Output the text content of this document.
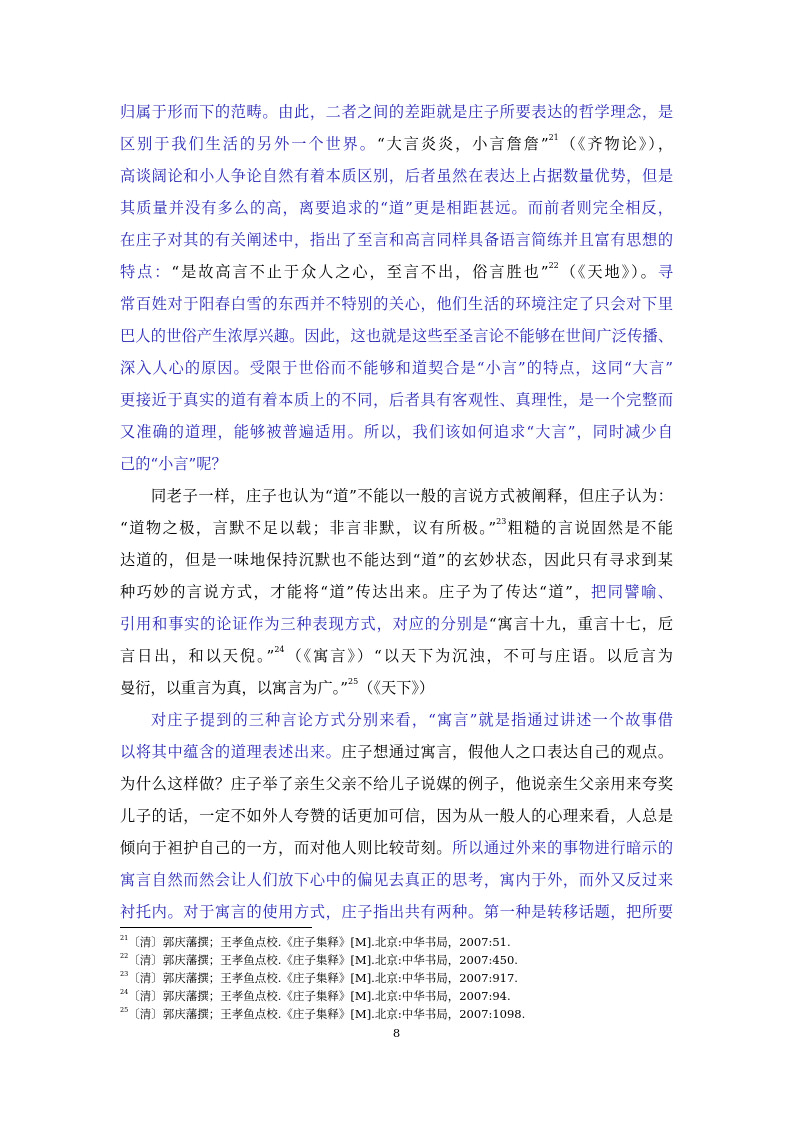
归属于形而下的范畴。由此，二者之间的差距就是庄子所要表达的哲学理念，是
区别于我们生活的另外一个世界。“大言炎炎，小言詹詹”$^{21}$（《齐物论》），
高谈阔论和小人争论自然有着本质区别，后者虽然在表达上占据数量优势，但是
其质量并没有多么的高，离要追求的“道”更是相距甚远。而前者则完全相反，
在庄子对其的有关阐述中，指出了至言和高言同样具备语言简练并且富有思想的
特点：“是故高言不止于众人之心，至言不出，俗言胜也”$^{22}$（《天地》）。寻
常百姓对于阳春白雪的东西并不特别的关心，他们生活的环境注定了只会对下里
巴人的世俗产生浓厚兴趣。因此，这也就是这些至圣言论不能够在世间广泛传播、
深入人心的原因。受限于世俗而不能够和道契合是“小言”的特点，这同“大言”
更接近于真实的道有着本质上的不同，后者具有客观性、真理性，是一个完整而
又准确的道理，能够被普遍适用。所以，我们该如何追求“大言”，同时减少自
己的“小言”呢？
同老子一样，庄子也认为“道”不能以一般的言说方式被阐释，但庄子认为：
“道物之极，言默不足以载；非言非默，议有所极。”$^{23}$粗糙的言说固然是不能
达道的，但是一味地保持沉默也不能达到“道”的玄妙状态，因此只有寻求到某
种巧妙的言说方式，才能将“道”传达出来。庄子为了传达“道”，把同譬喻、
引用和事实的论证作为三种表现方式，对应的分别是“寓言十九，重言十七，卮
言日出，和以天倪。”$^{24}$（《寓言》）“以天下为沉浊，不可与庄语。以卮言为
曼衍，以重言为真，以寓言为广。”$^{25}$（《天下》）
对庄子提到的三种言论方式分别来看，“寓言”就是指通过讲述一个故事借
以将其中蕴含的道理表述出来。庄子想通过寓言，假他人之口表达自己的观点。
为什么这样做？庄子举了亲生父亲不给儿子说媒的例子，他说亲生父亲用来夸奖
儿子的话，一定不如外人夸赞的话更加可信，因为从一般人的心理来看，人总是
倾向于袒护自己的一方，而对他人则比较苛刻。所以通过外来的事物进行暗示的
寓言自然而然会让人们放下心中的偏见去真正的思考，寓内于外，而外又反过来
衬托内。对于寓言的使用方式，庄子指出共有两种。第一种是转移话题，把所要
$^{21}$〔清〕郭庆藩撰；王孝鱼点校.《庄子集释》[M].北京:中华书局，2007:51.
$^{22}$〔清〕郭庆藩撰；王孝鱼点校.《庄子集释》[M].北京:中华书局，2007:450.
$^{23}$〔清〕郭庆藩撰；王孝鱼点校.《庄子集释》[M].北京:中华书局，2007:917.
$^{24}$〔清〕郭庆藩撰；王孝鱼点校.《庄子集释》[M].北京:中华书局，2007:94.
$^{25}$〔清〕郭庆藩撰；王孝鱼点校.《庄子集释》[M].北京:中华书局，2007:1098.
8
